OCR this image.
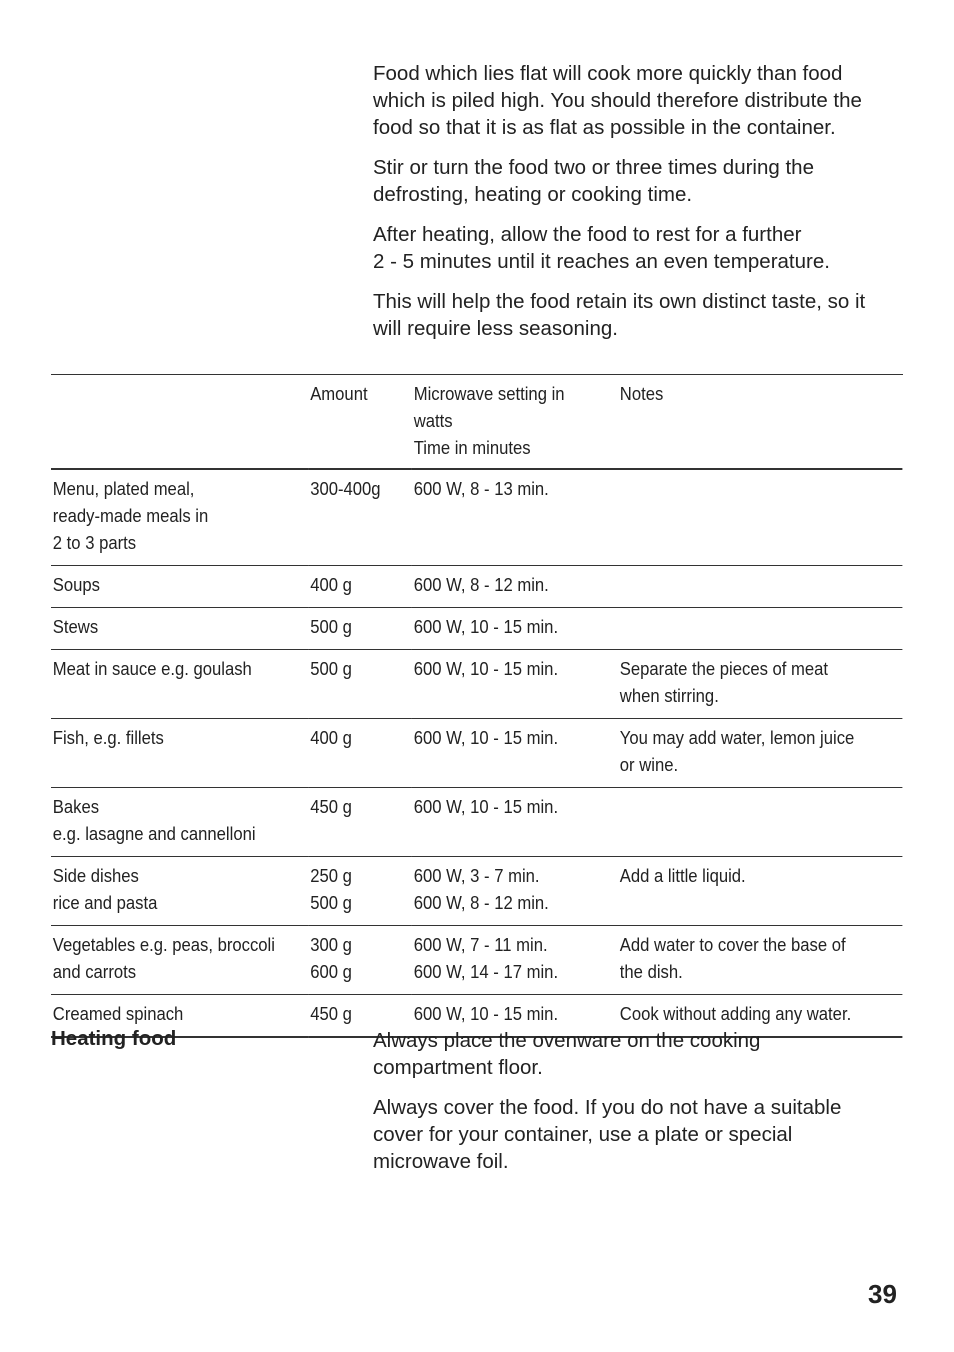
Food which lies flat will cook more quickly than food
which is piled high. You should therefore distribute the
food so that it is as flat as possible in the container.

Stir or turn the food two or three times during the
defrosting, heating or cooking time.

After heating, allow the food to rest for a further
2 - 5 minutes until it reaches an even temperature.

This will help the food retain its own distinct taste, so it
will require less seasoning.

	Amount	Microwave setting in
watts
Time in minutes	Notes

Menu, plated meal,
ready-made meals in
2 to 3 parts	300-400g	600 W, 8 - 13 min.	

Soups	400 g	600 W, 8 - 12 min.	

Stews	500 g	600 W, 10 - 15 min.	

Meat in sauce e.g. goulash	500 g	600 W, 10 - 15 min.	Separate the pieces of meat
when stirring.

Fish, e.g. fillets	400 g	600 W, 10 - 15 min.	You may add water, lemon juice
or wine.

Bakes
e.g. lasagne and cannelloni	450 g	600 W, 10 - 15 min.	

Side dishes
rice and pasta	250 g
500 g	600 W, 3 - 7 min.
600 W, 8 - 12 min.	Add a little liquid.

Vegetables e.g. peas, broccoli
and carrots	300 g
600 g	600 W, 7 - 11 min.
600 W, 14 - 17 min.	Add water to cover the base of
the dish.

Creamed spinach	450 g	600 W, 10 - 15 min.	Cook without adding any water.
Heating food	Always place the ovenware on the cooking
compartment floor.

Always cover the food. If you do not have a suitable
cover for your container, use a plate or special
microwave foil.

39
